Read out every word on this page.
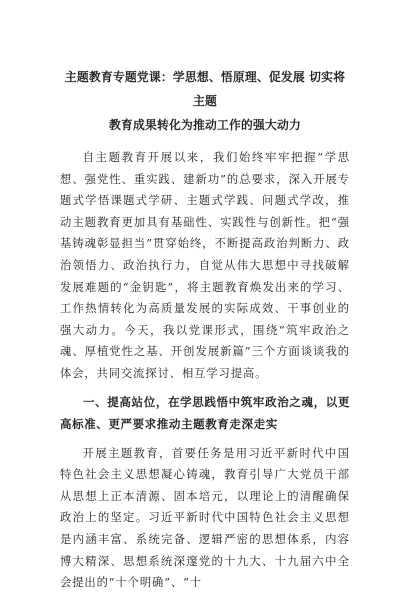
主题教育专题党课：学思想、悟原理、促发展 切实将主题
教育成果转化为推动工作的强大动力

自主题教育开展以来，我们始终牢牢把握“学思想、强党性、重实践、建新功”的总要求，深入开展专题式学悟课题式学研、主题式学践、问题式学改，推动主题教育更加具有基础性、实践性与创新性。把“强基铸魂彰显担当”贯穿始终，不断提高政治判断力、政治领悟力、政治执行力，自觉从伟大思想中寻找破解发展难题的“金钥匙”，将主题教育焕发出来的学习、工作热情转化为高质量发展的实际成效、干事创业的强大动力。今天，我以党课形式，围绕“筑牢政治之魂、厚植党性之基、开创发展新篇”三个方面谈谈我的体会，共同交流探讨、相互学习提高。

一、提高站位，在学思践悟中筑牢政治之魂，以更高标准、更严要求推动主题教育走深走实

开展主题教育，首要任务是用习近平新时代中国特色社会主义思想凝心铸魂，教育引导广大党员干部从思想上正本清源、固本培元，以理论上的清醒确保政治上的坚定。习近平新时代中国特色社会主义思想是内涵丰富、系统完备、逻辑严密的思想体系，内容博大精深、思想系统深邃党的十九大、十九届六中全会提出的“十个明确”、“十
